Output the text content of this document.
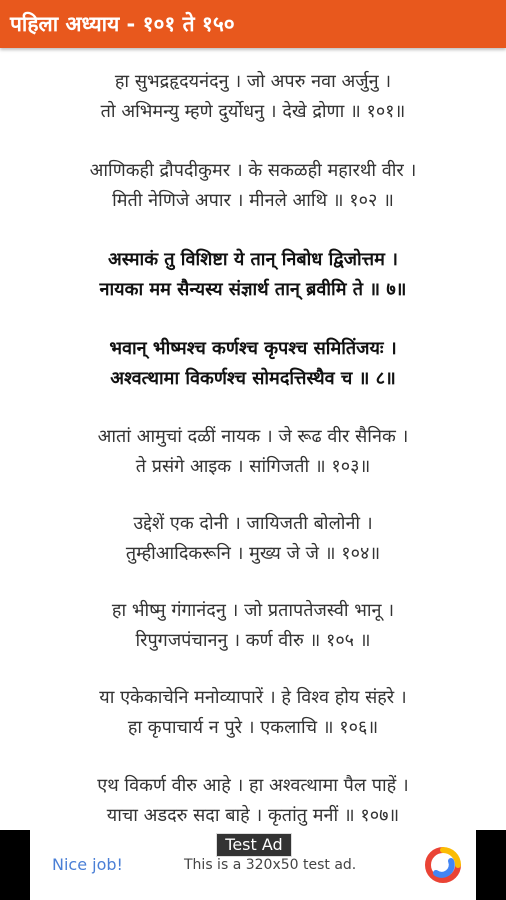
पहिला अध्याय - १०१ ते १५०
हा सुभद्रहृदयनंदनु । जो अपरु नवा अर्जुनु ।
तो अभिमन्यु म्हणे दुर्योधनु । देखे द्रोणा ॥ १०१॥
आणिकही द्रौपदीकुमर । के सकळही महारथी वीर ।
मिती नेणिजे अपार । मीनले आथि ॥ १०२ ॥
अस्माकं तु विशिष्टा ये तान् निबोध द्विजोत्तम ।
नायका मम सैन्यस्य संज्ञार्थ तान् ब्रवीमि ते ॥ ७॥
भवान् भीष्मश्च कर्णश्च कृपश्च समितिंजयः ।
अश्वत्थामा विकर्णश्च सोमदत्तिस्थैव च ॥ ८॥
आतां आमुचां दळीं नायक । जे रूढ वीर सैनिक ।
ते प्रसंगे आइक । सांगिजती ॥ १०३॥
उद्देशें एक दोनी । जायिजती बोलोनी ।
तुम्हीआदिकरूनि । मुख्य जे जे ॥ १०४॥
हा भीष्मु गंगानंदनु । जो प्रतापतेजस्वी भानू ।
रिपुगजपंचाननु । कर्ण वीरु ॥ १०५ ॥
या एकेकाचेनि मनोव्यापारें । हे विश्व होय संहरे ।
हा कृपाचार्य न पुरे । एकलाचि ॥ १०६॥
एथ विकर्ण वीरु आहे । हा अश्वत्थामा पैल पाहें ।
याचा अडदरु सदा बाहे । कृतांतु मनीं ॥ १०७॥
Test Ad
Nice job!	This is a 320x50 test ad.
